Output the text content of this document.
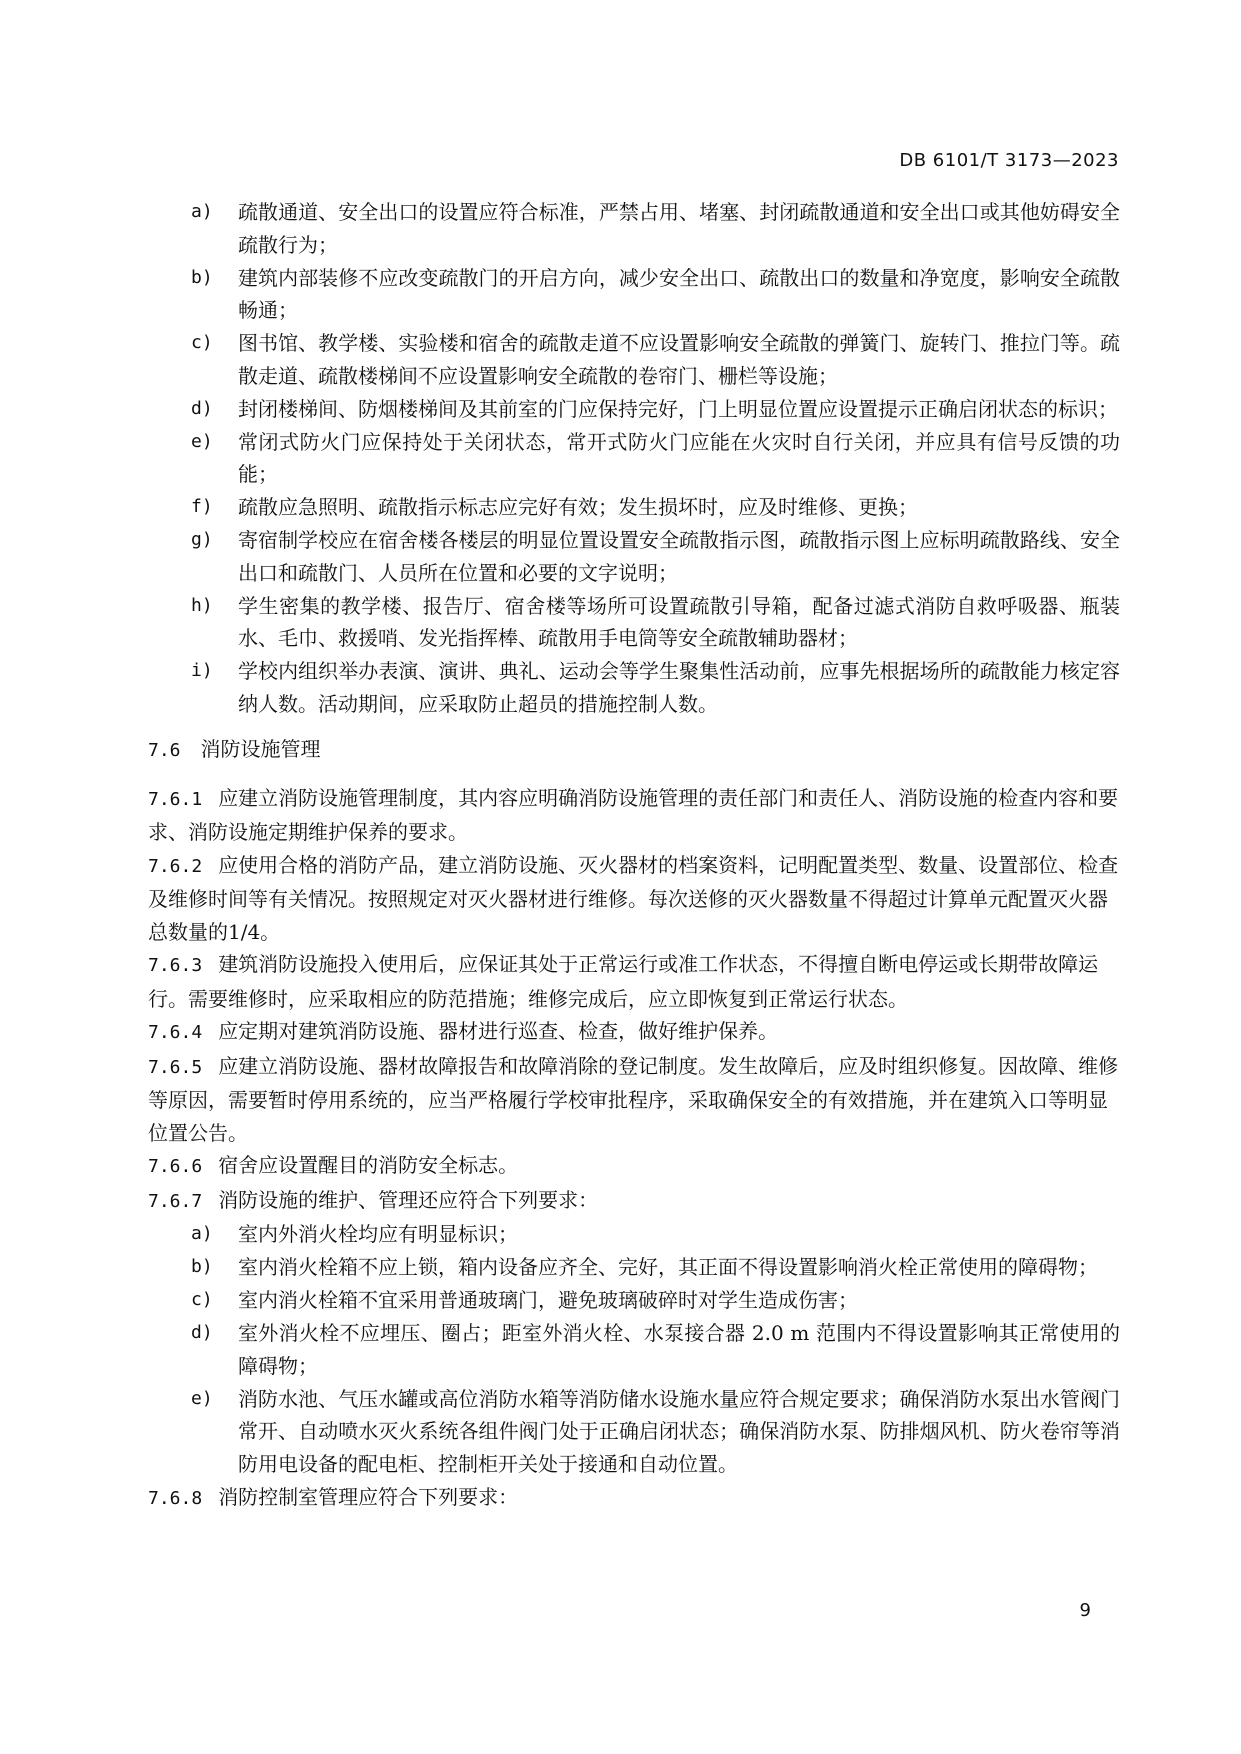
DB 6101/T 3173—2023
a) 疏散通道、安全出口的设置应符合标准，严禁占用、堵塞、封闭疏散通道和安全出口或其他妨碍安全疏散行为；
b) 建筑内部装修不应改变疏散门的开启方向，减少安全出口、疏散出口的数量和净宽度，影响安全疏散畅通；
c) 图书馆、教学楼、实验楼和宿舍的疏散走道不应设置影响安全疏散的弹簧门、旋转门、推拉门等。疏散走道、疏散楼梯间不应设置影响安全疏散的卷帘门、栅栏等设施；
d) 封闭楼梯间、防烟楼梯间及其前室的门应保持完好，门上明显位置应设置提示正确启闭状态的标识；
e) 常闭式防火门应保持处于关闭状态，常开式防火门应能在火灾时自行关闭，并应具有信号反馈的功能；
f) 疏散应急照明、疏散指示标志应完好有效；发生损坏时，应及时维修、更换；
g) 寄宿制学校应在宿舍楼各楼层的明显位置设置安全疏散指示图，疏散指示图上应标明疏散路线、安全出口和疏散门、人员所在位置和必要的文字说明；
h) 学生密集的教学楼、报告厅、宿舍楼等场所可设置疏散引导箱，配备过滤式消防自救呼吸器、瓶装水、毛巾、救援哨、发光指挥棒、疏散用手电筒等安全疏散辅助器材；
i) 学校内组织举办表演、演讲、典礼、运动会等学生聚集性活动前，应事先根据场所的疏散能力核定容纳人数。活动期间，应采取防止超员的措施控制人数。
7.6 消防设施管理
7.6.1 应建立消防设施管理制度，其内容应明确消防设施管理的责任部门和责任人、消防设施的检查内容和要求、消防设施定期维护保养的要求。
7.6.2 应使用合格的消防产品，建立消防设施、灭火器材的档案资料，记明配置类型、数量、设置部位、检查及维修时间等有关情况。按照规定对灭火器材进行维修。每次送修的灭火器数量不得超过计算单元配置灭火器总数量的1/4。
7.6.3 建筑消防设施投入使用后，应保证其处于正常运行或准工作状态，不得擅自断电停运或长期带故障运行。需要维修时，应采取相应的防范措施；维修完成后，应立即恢复到正常运行状态。
7.6.4 应定期对建筑消防设施、器材进行巡查、检查，做好维护保养。
7.6.5 应建立消防设施、器材故障报告和故障消除的登记制度。发生故障后，应及时组织修复。因故障、维修等原因，需要暂时停用系统的，应当严格履行学校审批程序，采取确保安全的有效措施，并在建筑入口等明显位置公告。
7.6.6 宿舍应设置醒目的消防安全标志。
7.6.7 消防设施的维护、管理还应符合下列要求：
a) 室内外消火栓均应有明显标识；
b) 室内消火栓箱不应上锁，箱内设备应齐全、完好，其正面不得设置影响消火栓正常使用的障碍物；
c) 室内消火栓箱不宜采用普通玻璃门，避免玻璃破碎时对学生造成伤害；
d) 室外消火栓不应埋压、圈占；距室外消火栓、水泵接合器 2.0 m 范围内不得设置影响其正常使用的障碍物；
e) 消防水池、气压水罐或高位消防水箱等消防储水设施水量应符合规定要求；确保消防水泵出水管阀门常开、自动喷水灭火系统各组件阀门处于正确启闭状态；确保消防水泵、防排烟风机、防火卷帘等消防用电设备的配电柜、控制柜开关处于接通和自动位置。
7.6.8 消防控制室管理应符合下列要求：
9
